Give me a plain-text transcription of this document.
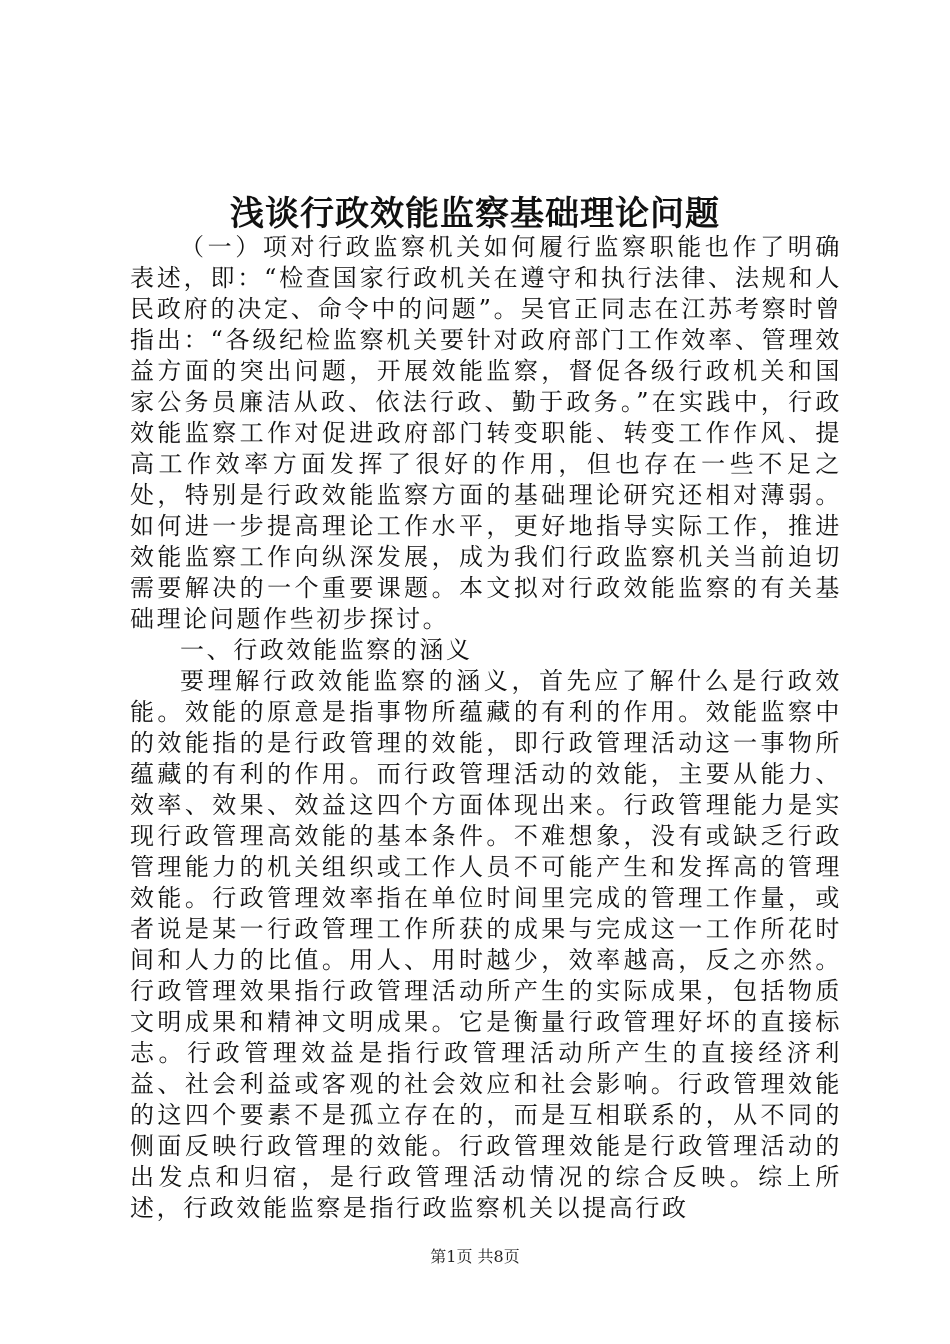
浅谈行政效能监察基础理论问题

（一）项对行政监察机关如何履行监察职能也作了明确表述，即：“检查国家行政机关在遵守和执行法律、法规和人民政府的决定、命令中的问题”。吴官正同志在江苏考察时曾指出：“各级纪检监察机关要针对政府部门工作效率、管理效益方面的突出问题，开展效能监察，督促各级行政机关和国家公务员廉洁从政、依法行政、勤于政务。”在实践中，行政效能监察工作对促进政府部门转变职能、转变工作作风、提高工作效率方面发挥了很好的作用，但也存在一些不足之处，特别是行政效能监察方面的基础理论研究还相对薄弱。如何进一步提高理论工作水平，更好地指导实际工作，推进效能监察工作向纵深发展，成为我们行政监察机关当前迫切需要解决的一个重要课题。本文拟对行政效能监察的有关基础理论问题作些初步探讨。

一、行政效能监察的涵义

要理解行政效能监察的涵义，首先应了解什么是行政效能。效能的原意是指事物所蕴藏的有利的作用。效能监察中的效能指的是行政管理的效能，即行政管理活动这一事物所蕴藏的有利的作用。而行政管理活动的效能，主要从能力、效率、效果、效益这四个方面体现出来。行政管理能力是实现行政管理高效能的基本条件。不难想象，没有或缺乏行政管理能力的机关组织或工作人员不可能产生和发挥高的管理效能。行政管理效率指在单位时间里完成的管理工作量，或者说是某一行政管理工作所获的成果与完成这一工作所花时间和人力的比值。用人、用时越少，效率越高，反之亦然。行政管理效果指行政管理活动所产生的实际成果，包括物质文明成果和精神文明成果。它是衡量行政管理好坏的直接标志。行政管理效益是指行政管理活动所产生的直接经济利益、社会利益或客观的社会效应和社会影响。行政管理效能的这四个要素不是孤立存在的，而是互相联系的，从不同的侧面反映行政管理的效能。行政管理效能是行政管理活动的出发点和归宿，是行政管理活动情况的综合反映。综上所述，行政效能监察是指行政监察机关以提高行政

第1页 共8页
